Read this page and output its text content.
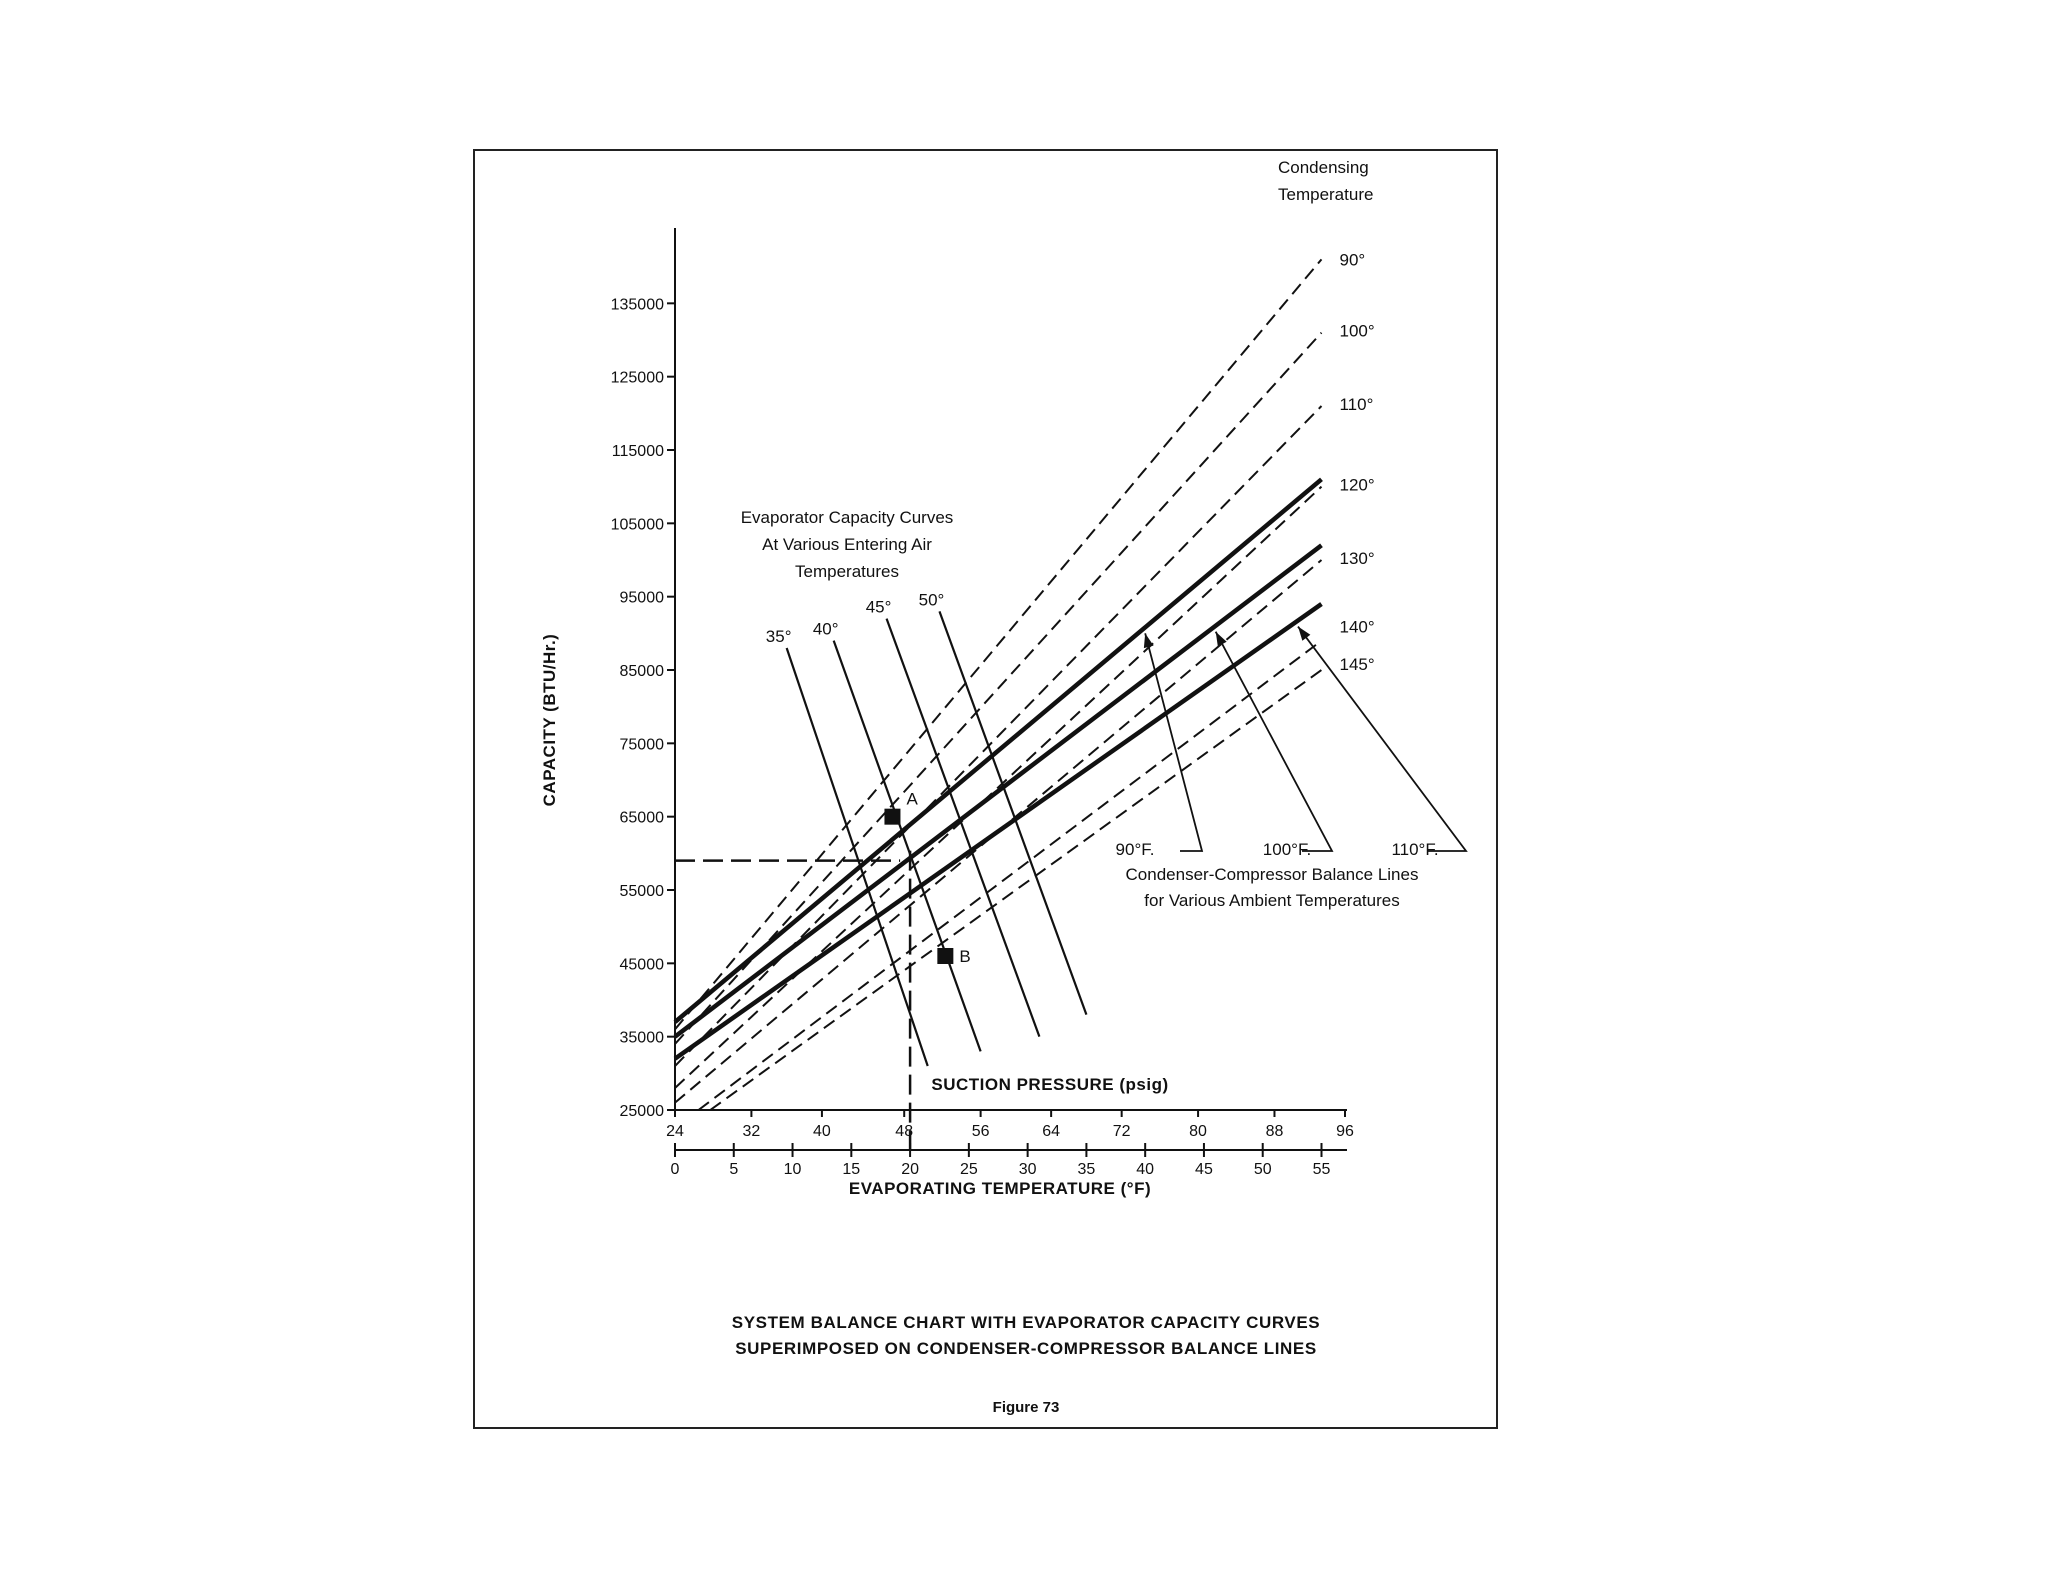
25000
35000
45000
55000
65000
75000
85000
95000
105000
115000
125000
135000
24	32	40	48	56	64	72	80	88	96
0	5	10	15	20	25	30	35	40	45	50	55
90°
100°
110°
120°
130°
140°
145°
35° 40°
45° 50°
A
B
90°F.	100°F.	110°F.
CAPACITY (BTU/Hr.)
EVAPORATING TEMPERATURE (°F)
SUCTION PRESSURE (psig)
Condensing
Temperature
Evaporator Capacity Curves
At Various Entering Air
Temperatures
Condenser-Compressor Balance Lines
for Various Ambient Temperatures
SYSTEM BALANCE CHART WITH EVAPORATOR CAPACITY CURVES
SUPERIMPOSED ON CONDENSER-COMPRESSOR BALANCE LINES
Figure 73
